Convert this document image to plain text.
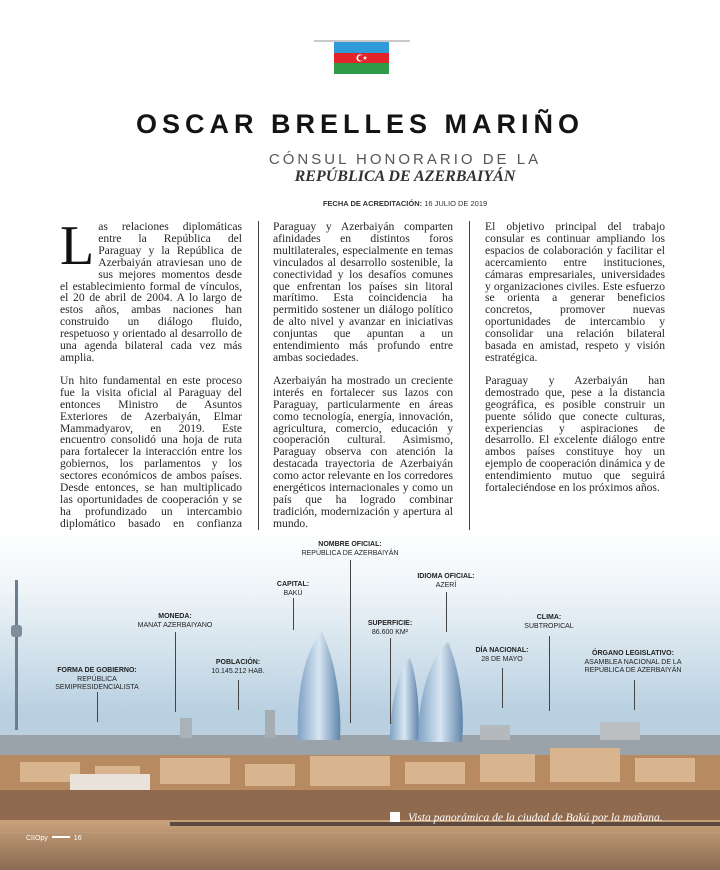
OSCAR BRELLES MARIÑO
CÓNSUL HONORARIO DE LA
REPÚBLICA DE AZERBAIYÁN
FECHA DE ACREDITACIÓN: 16 JULIO DE 2019

Las relaciones diplomáticas entre la República del Paraguay y la República de Azerbaiyán atraviesan uno de sus mejores momentos desde el establecimiento formal de vínculos, el 20 de abril de 2004. A lo largo de estos años, ambas naciones han construido un diálogo fluido, respetuoso y orientado al desarrollo de una agenda bilateral cada vez más amplia.

Un hito fundamental en este proceso fue la visita oficial al Paraguay del entonces Ministro de Asuntos Exteriores de Azerbaiyán, Elmar Mammadyarov, en 2019. Este encuentro consolidó una hoja de ruta para fortalecer la interacción entre los gobiernos, los parlamentos y los sectores económicos de ambos países. Desde entonces, se han multiplicado las oportunidades de cooperación y se ha profundizado un intercambio diplomático basado en confianza

Paraguay y Azerbaiyán comparten afinidades en distintos foros multilaterales, especialmente en temas vinculados al desarrollo sostenible, la conectividad y los desafíos comunes que enfrentan los países sin litoral marítimo. Esta coincidencia ha permitido sostener un diálogo político de alto nivel y avanzar en iniciativas conjuntas que apuntan a un entendimiento más profundo entre ambas sociedades.

Azerbaiyán ha mostrado un creciente interés en fortalecer sus lazos con Paraguay, particularmente en áreas como tecnología, energía, innovación, agricultura, comercio, educación y cooperación cultural. Asimismo, Paraguay observa con atención la destacada trayectoria de Azerbaiyán como actor relevante en los corredores energéticos internacionales y como un país que ha logrado combinar tradición, modernización y apertura al mundo.

El objetivo principal del trabajo consular es continuar ampliando los espacios de colaboración y facilitar el acercamiento entre instituciones, cámaras empresariales, universidades y organizaciones civiles. Este esfuerzo se orienta a generar beneficios concretos, promover nuevas oportunidades de intercambio y consolidar una relación bilateral basada en amistad, respeto y visión estratégica.

Paraguay y Azerbaiyán han demostrado que, pese a la distancia geográfica, es posible construir un puente sólido que conecte culturas, experiencias y aspiraciones de desarrollo. El excelente diálogo entre ambos países constituye hoy un ejemplo de cooperación dinámica y de entendimiento mutuo que seguirá fortaleciéndose en los próximos años.

NOMBRE OFICIAL:
REPÚBLICA DE AZERBAIYÁN
CAPITAL:
BAKÚ
IDIOMA OFICIAL:
AZERÍ
MONEDA:
MANAT AZERBAIYANO	SUPERFICIE:
86.600 KM²
CLIMA:
SUBTROPICAL
DÍA NACIONAL:
28 DE MAYO
ÓRGANO LEGISLATIVO:
ASAMBLEA NACIONAL DE LA REPÚBLICA DE AZERBAIYÁN
POBLACIÓN:
10.145.212 HAB.
FORMA DE GOBIERNO:
REPÚBLICA SEMIPRESIDENCIALISTA
Vista panorámica de la ciudad de Bakú por la mañana.
CIIOpy	16
